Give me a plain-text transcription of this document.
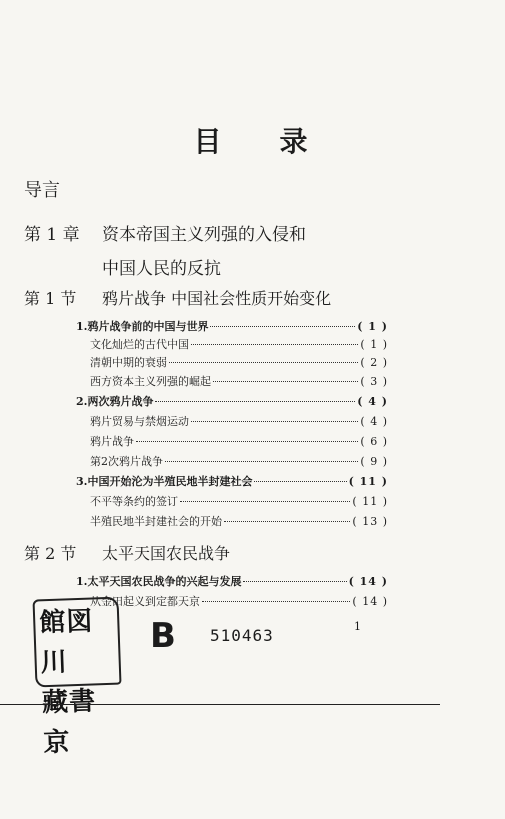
目 录
导言
第 1 章 资本帝国主义列强的入侵和
中国人民的反抗
第 1 节 鸦片战争 中国社会性质开始变化
1.鸦片战争前的中国与世界	( 1 )
文化灿烂的古代中国	( 1 )
清朝中期的衰弱	( 2 )
西方资本主义列强的崛起	( 3 )
2.两次鸦片战争	( 4 )
鸦片贸易与禁烟运动	( 4 )
鸦片战争	( 6 )
第2次鸦片战争	( 9 )
3.中国开始沦为半殖民地半封建社会	( 11 )
不平等条约的签订	( 11 )
半殖民地半封建社会的开始	( 13 )
第 2 节 太平天国农民战争
1.太平天国农民战争的兴起与发展	( 14 )
从金田起义到定都天京	( 14 )
館図川
藏書京
B 510463	1
